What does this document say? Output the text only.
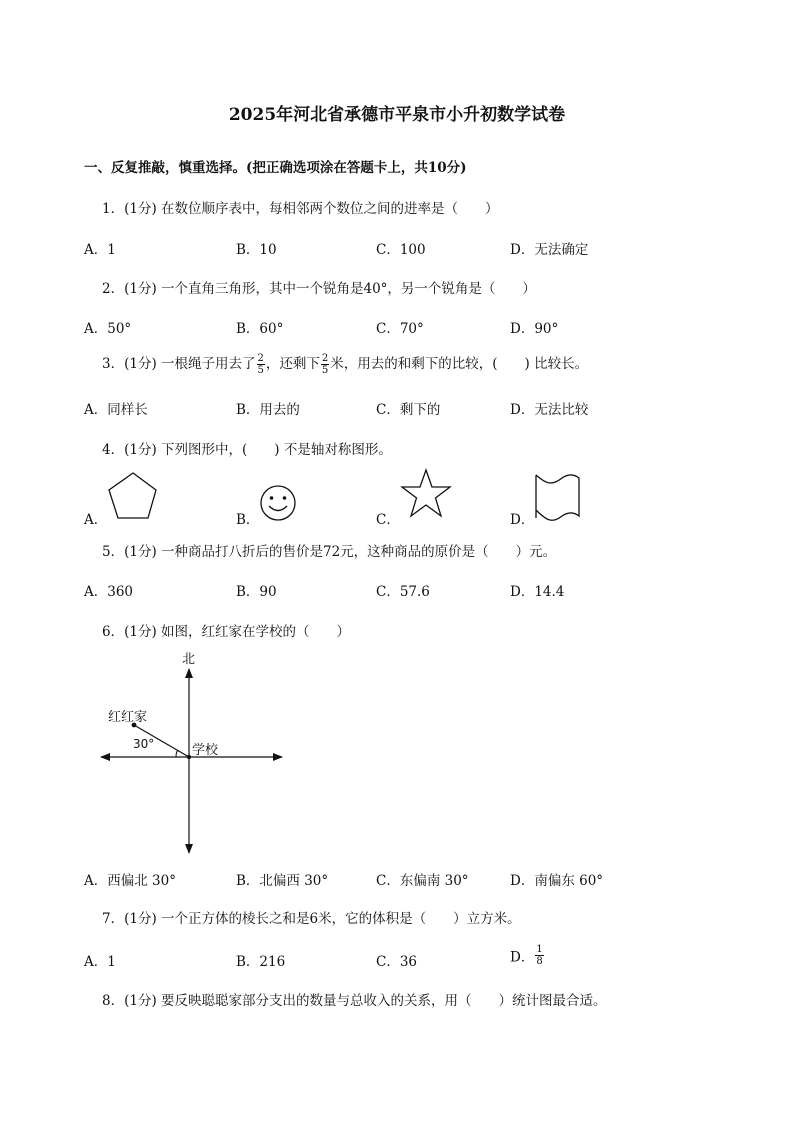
2025年河北省承德市平泉市小升初数学试卷
一、反复推敲，慎重选择。(把正确选项涂在答题卡上，共10分)
1．(1分) 在数位顺序表中，每相邻两个数位之间的进率是（　　）
A．1	B．10	C．100	D．无法确定
2．(1分) 一个直角三角形，其中一个锐角是40°，另一个锐角是（　　）
A．50°	B．60°	C．70°	D．90°
3．(1分) 一根绳子用去了 $\frac{2}{5}$ ，还剩下 $\frac{2}{5}$ 米，用去的和剩下的比较，(　　) 比较长。
A．同样长	B．用去的	C．剩下的	D．无法比较
4．(1分) 下列图形中，(　　) 不是轴对称图形。
A．	B．	C．	D．
5．(1分) 一种商品打八折后的售价是72元，这种商品的原价是（　　）元。
A．360	B．90	C．57.6	D．14.4
6．(1分) 如图，红红家在学校的（　　）
北
红红家
学校
30°
A．西偏北 30°	B．北偏西 30°	C．东偏南 30°	D．南偏东 60°
7．(1分) 一个正方体的棱长之和是6米，它的体积是（　　）立方米。
A．1	B．216	C．36	D． $\frac{1}{8}$
8．(1分) 要反映聪聪家部分支出的数量与总收入的关系，用（　　）统计图最合适。
